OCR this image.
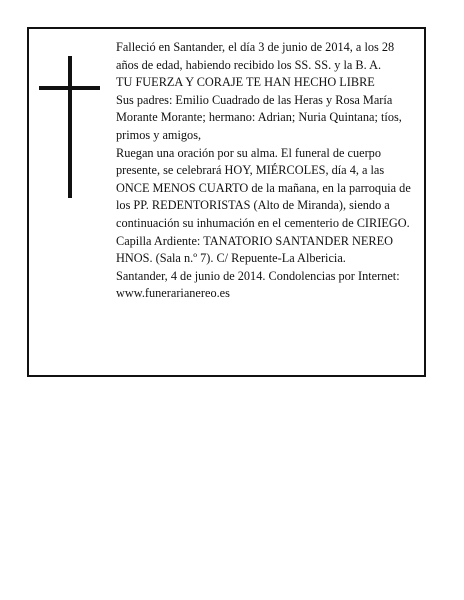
Falleció en Santander, el día 3 de junio de 2014, a los 28 años de edad, habiendo recibido los SS. SS. y la B. A.

TU FUERZA Y CORAJE TE HAN HECHO LIBRE

Sus padres: Emilio Cuadrado de las Heras y Rosa María Morante Morante; hermano: Adrian; Nuria Quintana; tíos, primos y amigos,

Ruegan una oración por su alma. El funeral de cuerpo presente, se celebrará HOY, MIÉRCOLES, día 4, a las ONCE MENOS CUARTO de la mañana, en la parroquia de los PP. REDENTORISTAS (Alto de Miranda), siendo a continuación su inhumación en el cementerio de CIRIEGO. Capilla Ardiente: TANATORIO SANTANDER NEREO HNOS. (Sala n.º 7). C/ Repuente-La Albericia.

Santander, 4 de junio de 2014. Condolencias por Internet: www.funerarianereo.es
